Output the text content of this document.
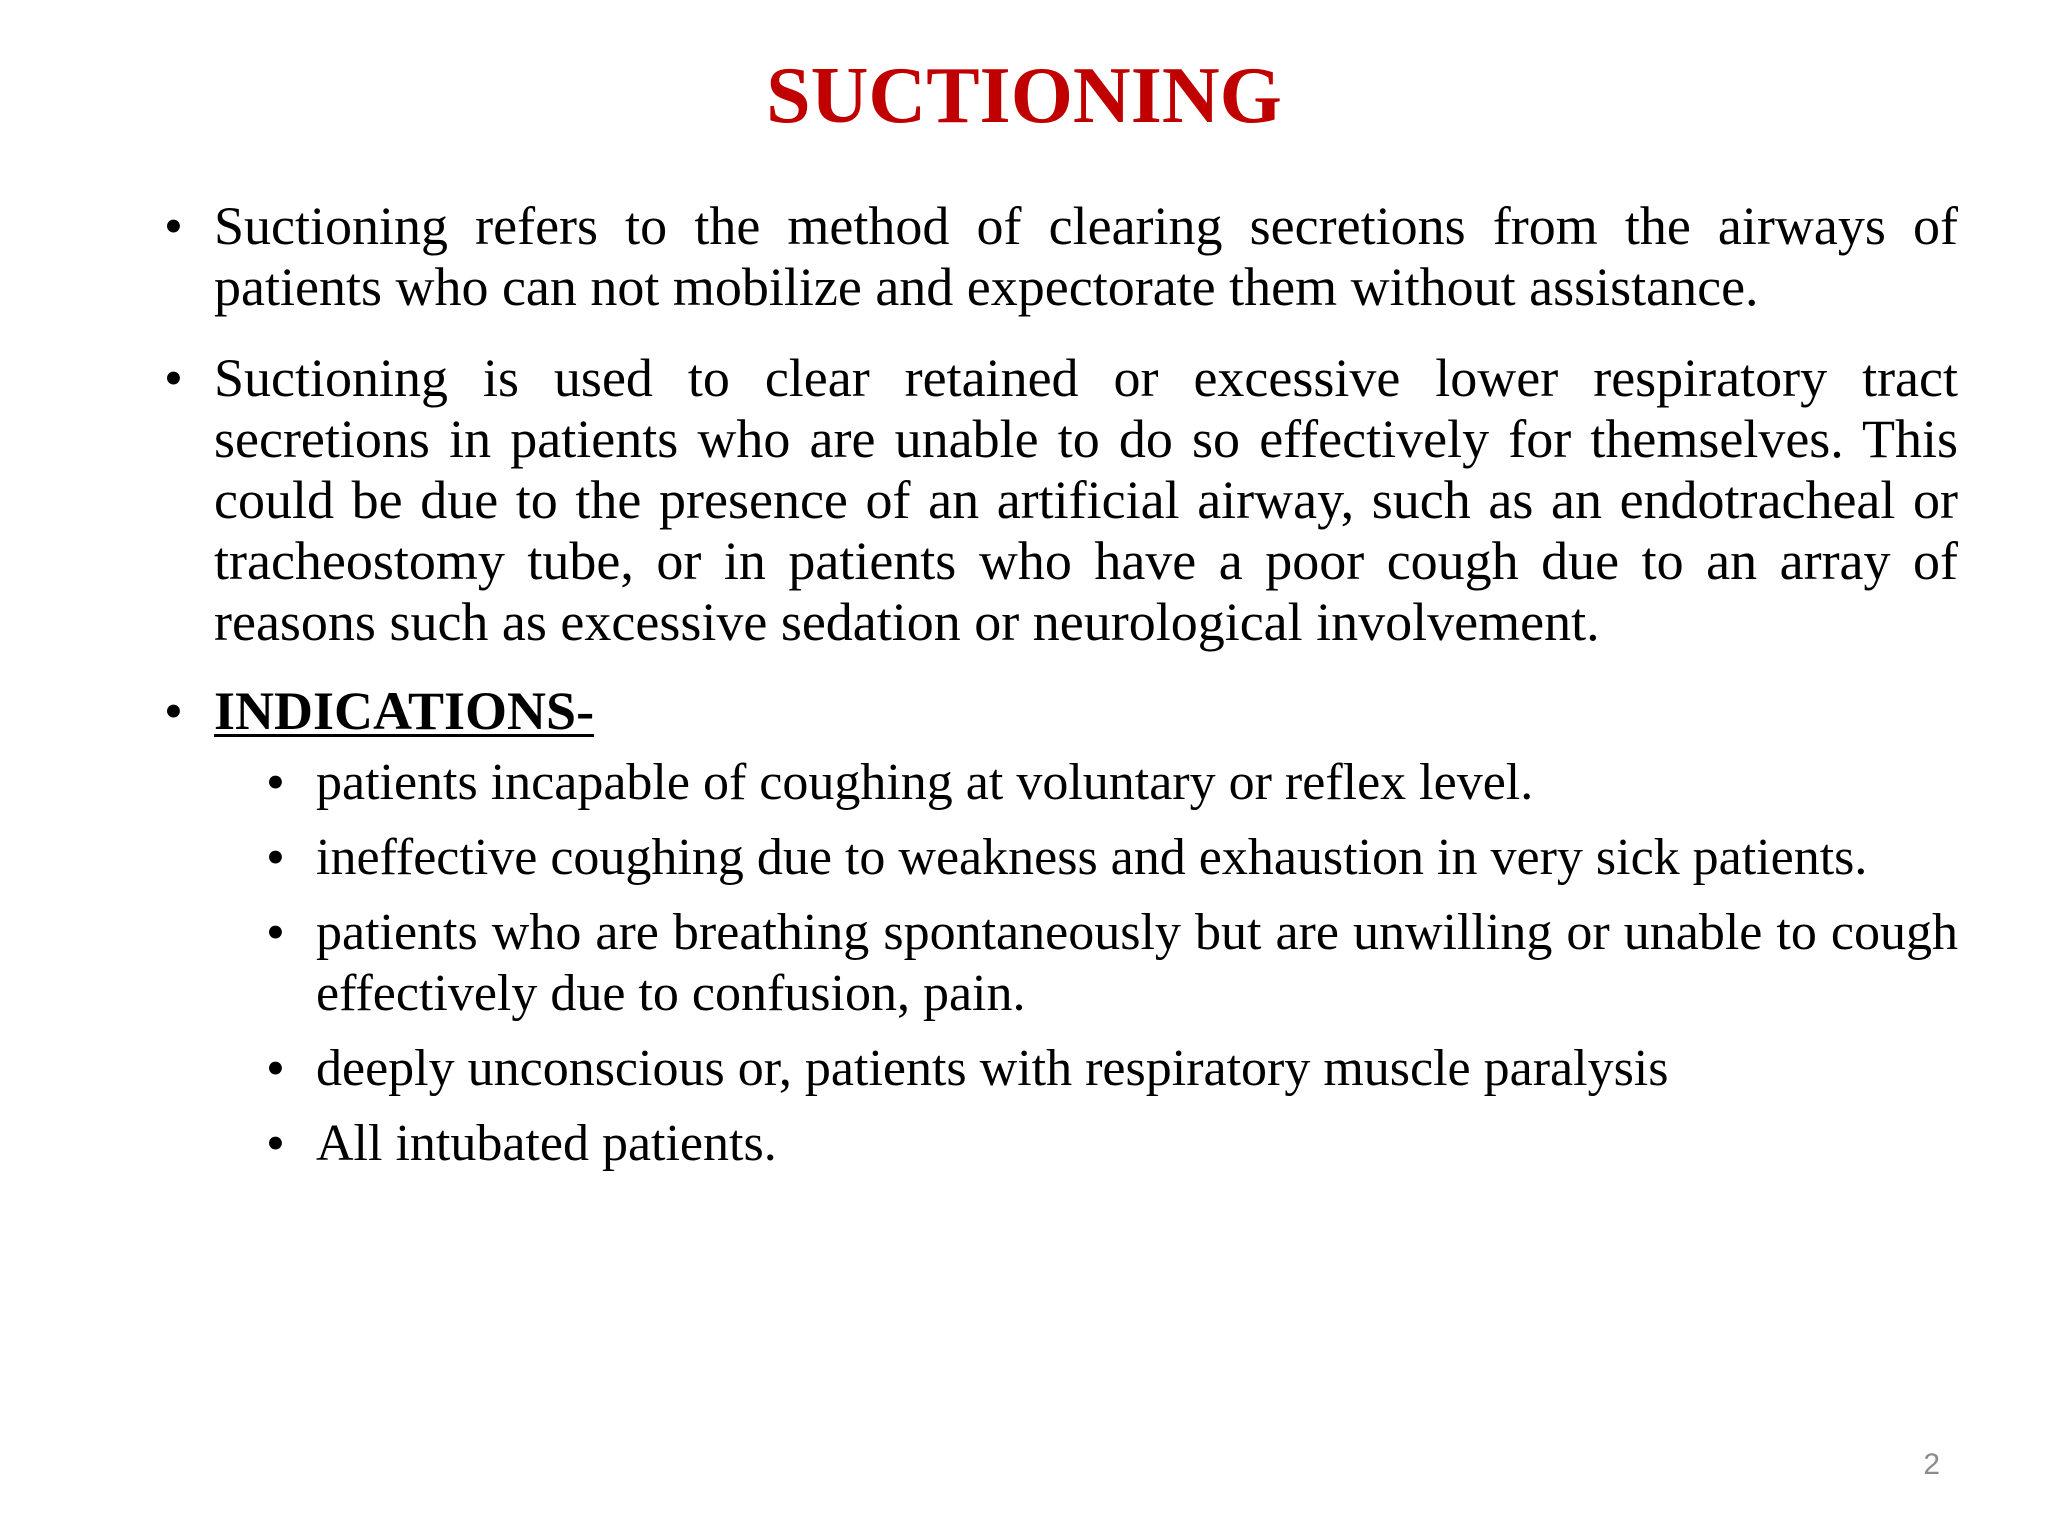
SUCTIONING
• Suctioning refers to the method of clearing secretions from the airways of patients who can not mobilize and expectorate them without assistance.

• Suctioning is used to clear retained or excessive lower respiratory tract secretions in patients who are unable to do so effectively for themselves. This could be due to the presence of an artificial airway, such as an endotracheal or tracheostomy tube, or in patients who have a poor cough due to an array of reasons such as excessive sedation or neurological involvement.

• INDICATIONS-

• patients incapable of coughing at voluntary or reflex level.

• ineffective coughing due to weakness and exhaustion in very sick patients.

• patients who are breathing spontaneously but are unwilling or unable to cough effectively due to confusion, pain.

• deeply unconscious or, patients with respiratory muscle paralysis

• All intubated patients.

2
